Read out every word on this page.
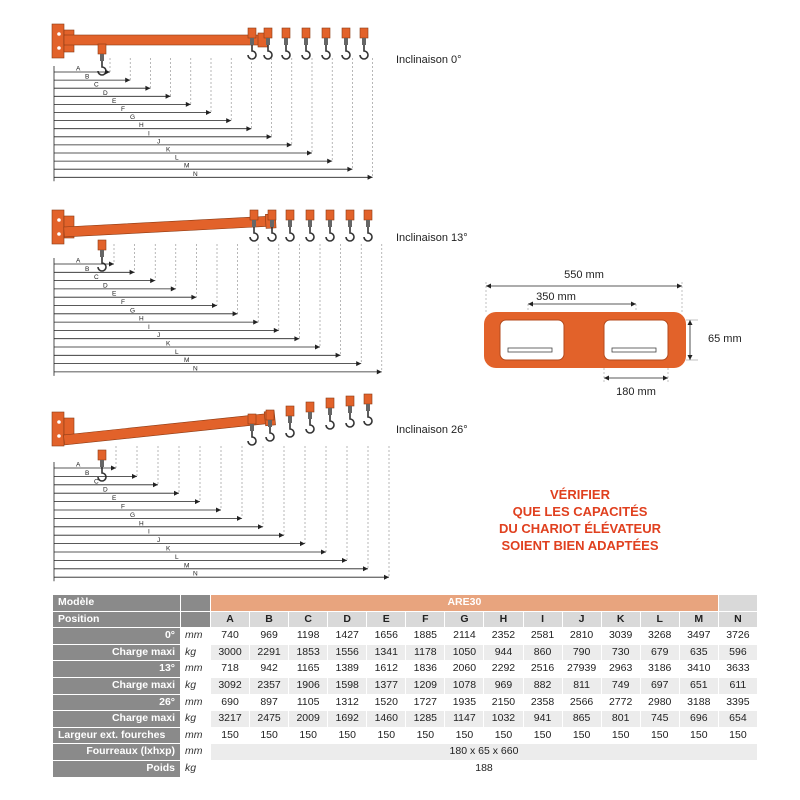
A
B
C
D
E
F
G
H
I
J
K
L
M
N
Inclinaison 0°
A
B
C
D
E
F
G
H
I
J
K
L
M
N
Inclinaison 13°
A
B
C
D
E
F
G
H
I
J
K
L
M
N
Inclinaison 26°
550 mm
350 mm
65 mm
180 mm
VÉRIFIER
QUE LES CAPACITÉS
DU CHARIOT ÉLÉVATEUR
SOIENT BIEN ADAPTÉES
Modèle		ARE30													
Position		A	B	C	D	E	F	G	H	I	J	K	L	M	N
0°	mm	740	969	1198	1427	1656	1885	2114	2352	2581	2810	3039	3268	3497	3726
Charge maxi	kg	3000	2291	1853	1556	1341	1178	1050	944	860	790	730	679	635	596
13°	mm	718	942	1165	1389	1612	1836	2060	2292	2516	27939	2963	3186	3410	3633
Charge maxi	kg	3092	2357	1906	1598	1377	1209	1078	969	882	811	749	697	651	611
26°	mm	690	897	1105	1312	1520	1727	1935	2150	2358	2566	2772	2980	3188	3395
Charge maxi	kg	3217	2475	2009	1692	1460	1285	1147	1032	941	865	801	745	696	654
Largeur ext. fourches	mm	150	150	150	150	150	150	150	150	150	150	150	150	150	150
Fourreaux (lxhxp)	mm	180 x 65 x 660													
Poids	kg	188													
